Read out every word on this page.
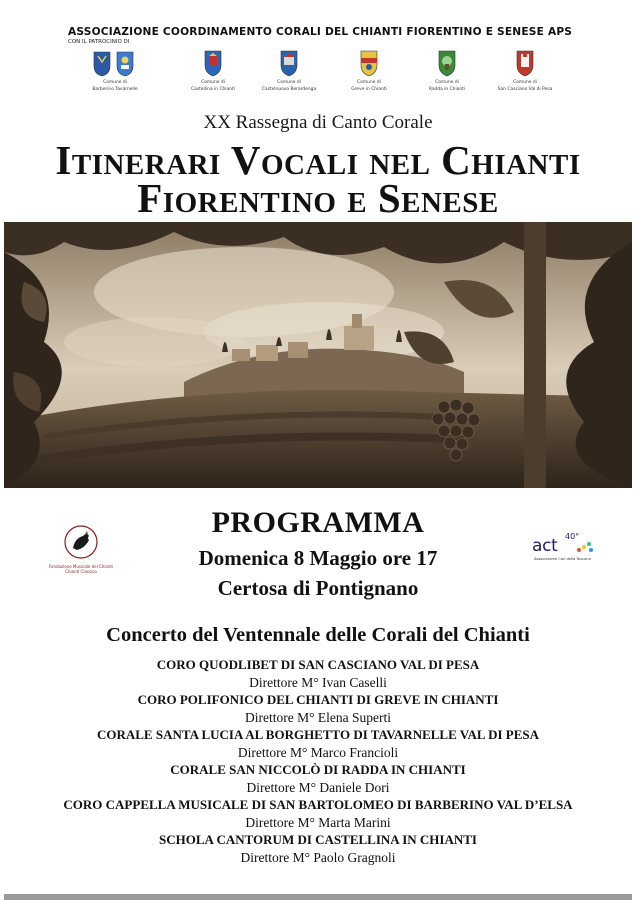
ASSOCIAZIONE COORDINAMENTO CORALI DEL CHIANTI FIORENTINO E SENESE APS
CON IL PATROCINIO DI
Comune di
Barberino Tavarnelle
Comune di
Castellina in Chianti
Comune di
Castelnuovo Berardenga
Comune di
Greve in Chianti
Comune di
Radda in Chianti
Comune di
San Casciano Val di Pesa
XX Rassegna di Canto Corale
Itinerari Vocali nel Chianti
Fiorentino e Senese
Fondazione Musicale del Chianti
Chianti Classico
act 40°
Associazione Cori della Toscana
PROGRAMMA
Domenica 8 Maggio ore 17
Certosa di Pontignano
Concerto del Ventennale delle Corali del Chianti
CORO QUODLIBET DI SAN CASCIANO VAL DI PESA
Direttore M° Ivan Caselli
CORO POLIFONICO DEL CHIANTI DI GREVE IN CHIANTI
Direttore M° Elena Superti
CORALE SANTA LUCIA AL BORGHETTO DI TAVARNELLE VAL DI PESA
Direttore M° Marco Francioli
CORALE SAN NICCOLÒ DI RADDA IN CHIANTI
Direttore M° Daniele Dori
CORO CAPPELLA MUSICALE DI SAN BARTOLOMEO DI BARBERINO VAL D’ELSA
Direttore M° Marta Marini
SCHOLA CANTORUM DI CASTELLINA IN CHIANTI
Direttore M° Paolo Gragnoli
